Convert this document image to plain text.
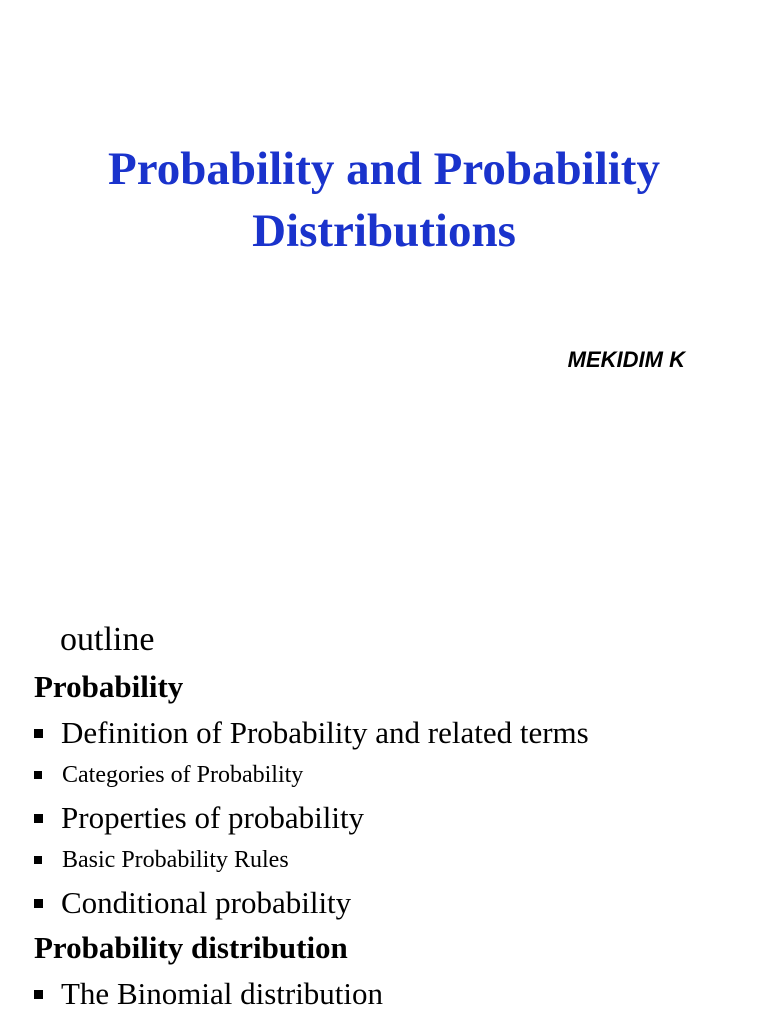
Probability and Probability
Distributions
MEKIDIM K
outline
Probability
Definition of Probability and related terms
Categories of Probability
Properties of probability
Basic Probability Rules
Conditional probability
Probability distribution
The Binomial distribution
